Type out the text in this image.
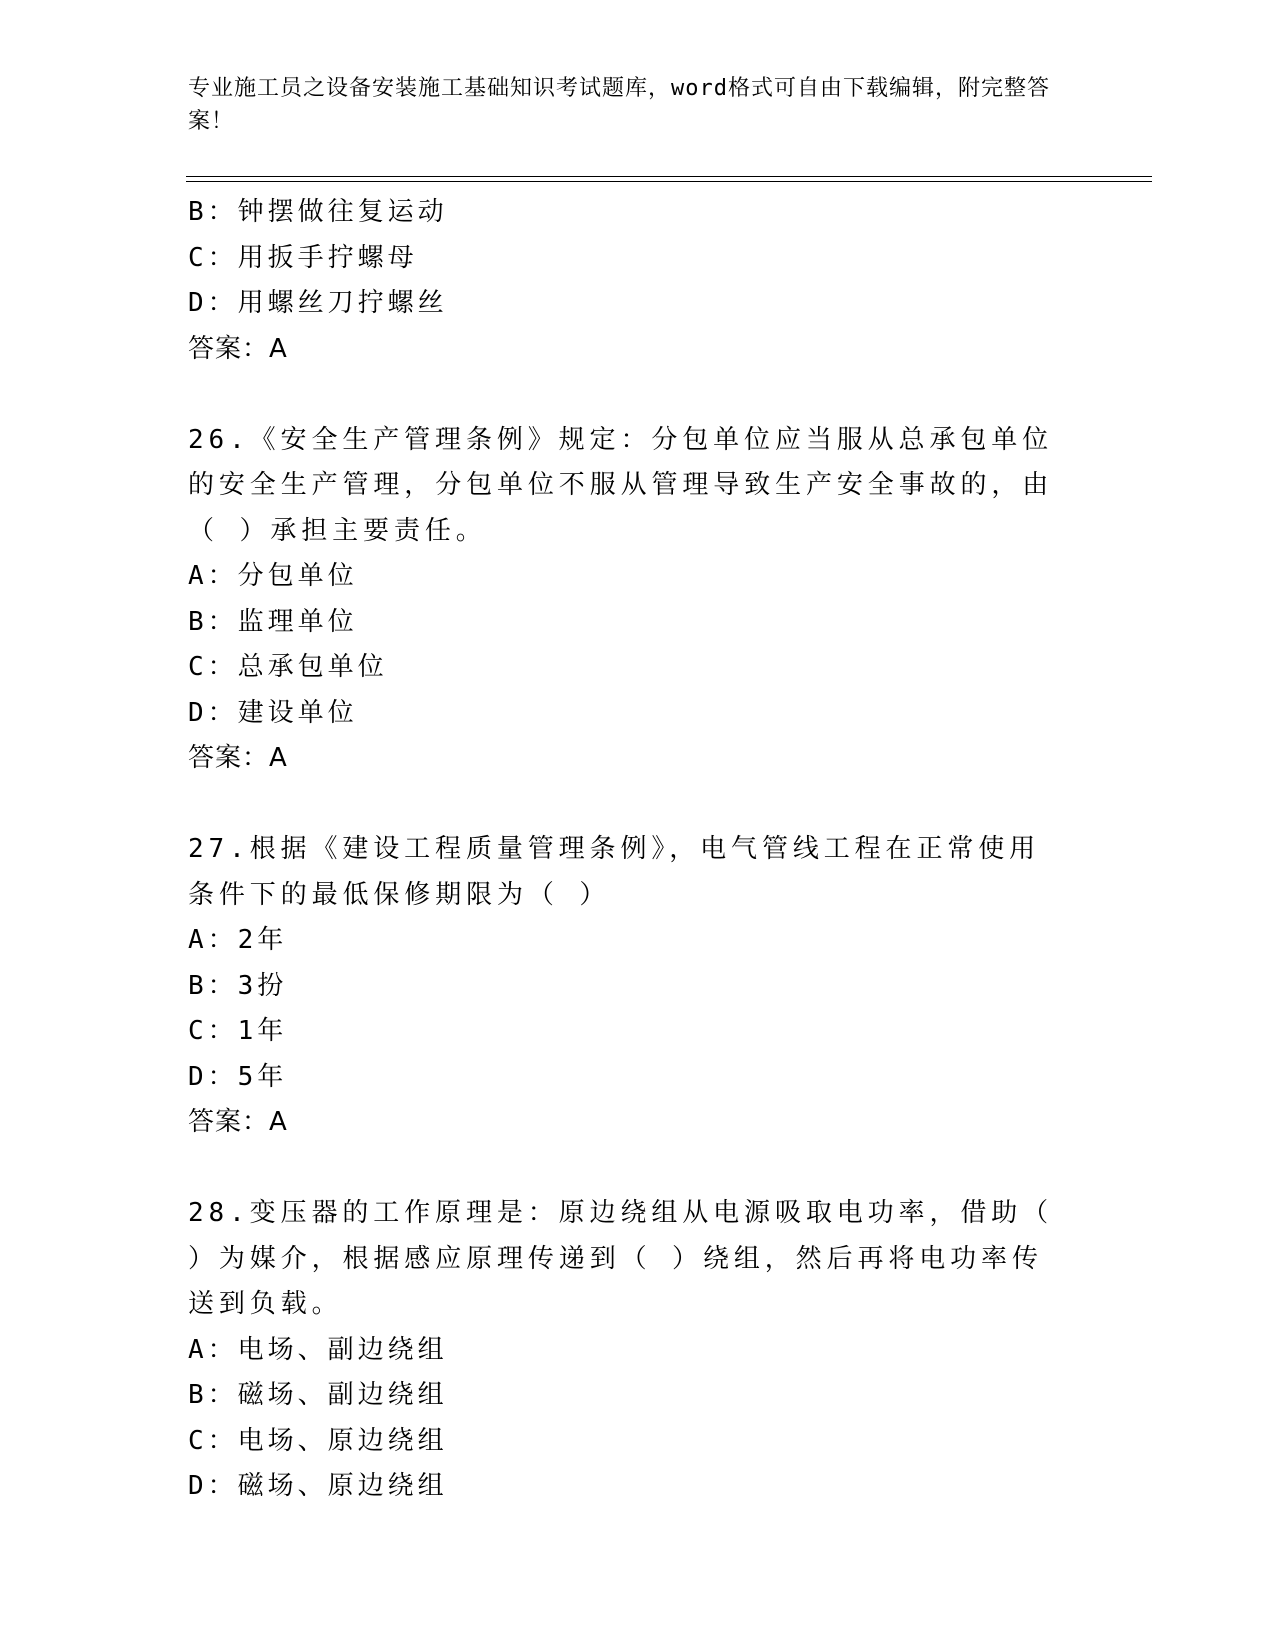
专业施工员之设备安装施工基础知识考试题库，word格式可自由下载编辑，附完整答案！
B：钟摆做往复运动
C：用扳手拧螺母
D：用螺丝刀拧螺丝
答案：A
26.《安全生产管理条例》规定：分包单位应当服从总承包单位的安全生产管理，分包单位不服从管理导致生产安全事故的，由（ ）承担主要责任。
A：分包单位
B：监理单位
C：总承包单位
D：建设单位
答案：A
27.根据《建设工程质量管理条例》，电气管线工程在正常使用条件下的最低保修期限为（ ）
A：2年
B：3扮
C：1年
D：5年
答案：A
28.变压器的工作原理是：原边绕组从电源吸取电功率，借助（ ）为媒介，根据感应原理传递到（ ）绕组，然后再将电功率传送到负载。
A：电场、副边绕组
B：磁场、副边绕组
C：电场、原边绕组
D：磁场、原边绕组
